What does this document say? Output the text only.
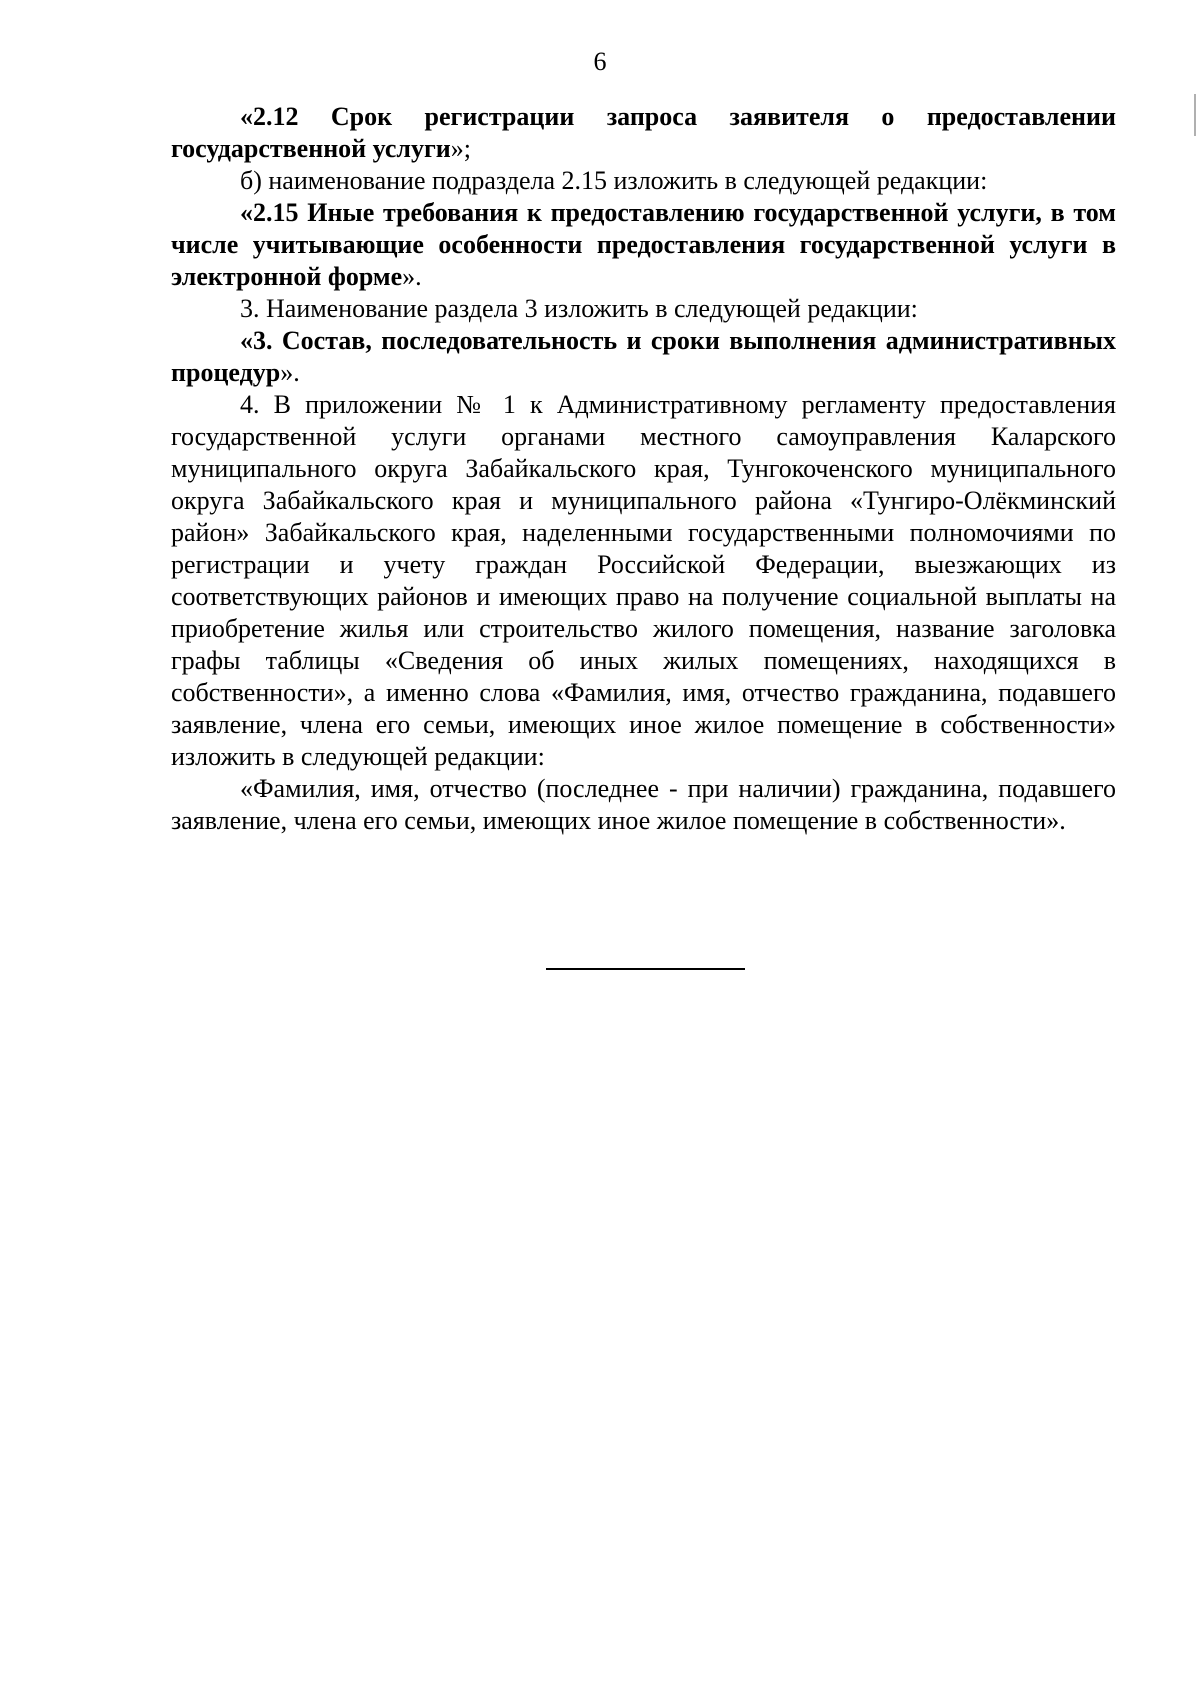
6

«2.12 Срок регистрации запроса заявителя о предоставлении государственной услуги»;

б) наименование подраздела 2.15 изложить в следующей редакции:

«2.15 Иные требования к предоставлению государственной услуги, в том числе учитывающие особенности предоставления государственной услуги в электронной форме».

3. Наименование раздела 3 изложить в следующей редакции:

«3. Состав, последовательность и сроки выполнения административных процедур».

4. В приложении № 1 к Административному регламенту предоставления государственной услуги органами местного самоуправления Каларского муниципального округа Забайкальского края, Тунгокоченского муниципального округа Забайкальского края и муниципального района «Тунгиро-Олёкминский район» Забайкальского края, наделенными государственными полномочиями по регистрации и учету граждан Российской Федерации, выезжающих из соответствующих районов и имеющих право на получение социальной выплаты на приобретение жилья или строительство жилого помещения, название заголовка графы таблицы «Сведения об иных жилых помещениях, находящихся в собственности», а именно слова «Фамилия, имя, отчество гражданина, подавшего заявление, члена его семьи, имеющих иное жилое помещение в собственности» изложить в следующей редакции:

«Фамилия, имя, отчество (последнее - при наличии) гражданина, подавшего заявление, члена его семьи, имеющих иное жилое помещение в собственности».
